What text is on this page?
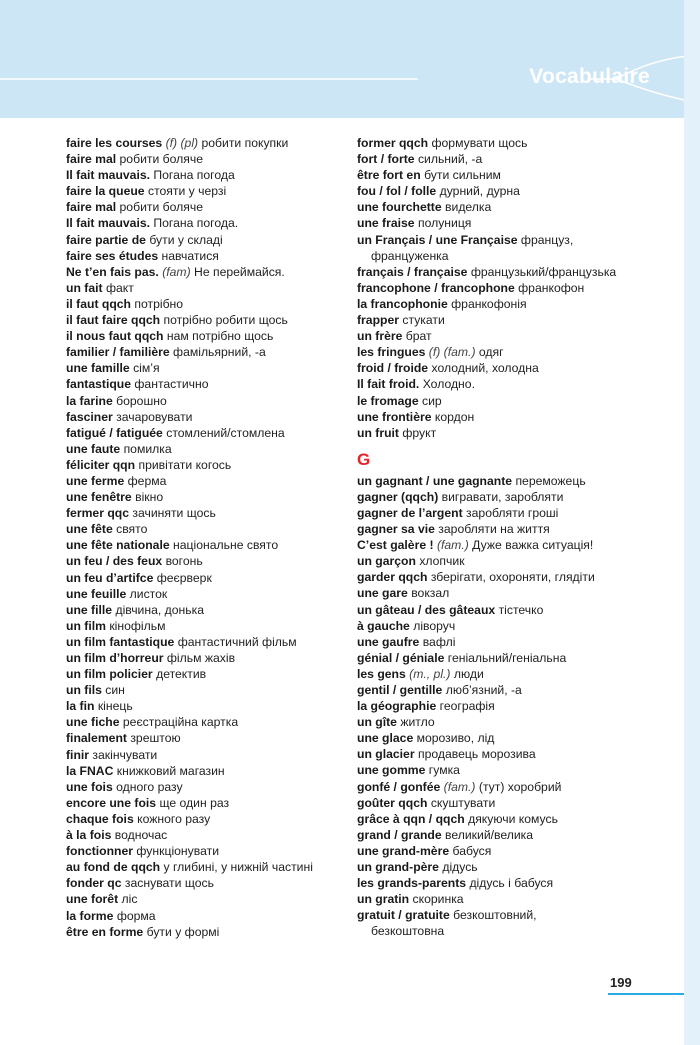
Vocabulaire
faire les courses (f) (pl) робити покупки
faire mal робити боляче
Il fait mauvais. Погана погода
faire la queue стояти у черзі
faire mal робити боляче
Il fait mauvais. Погана погода.
faire partie de бути у складі
faire ses études навчатися
Ne t’en fais pas. (fam) Не переймайся.
un fait факт
il faut qqch потрібно
il faut faire qqch потрібно робити щось
il nous faut qqch нам потрібно щось
familier / familière фамільярний, -а
une famille сім’я
fantastique фантастично
la farine борошно
fasciner зачаровувати
fatigué / fatiguée стомлений/стомлена
une faute помилка
féliciter qqn привітати когось
une ferme ферма
une fenêtre вікно
fermer qqc зачиняти щось
une fête свято
une fête nationale національне свято
un feu / des feux вогонь
un feu d’artifce феєрверк
une feuille листок
une fille дівчина, донька
un film кінофільм
un film fantastique фантастичний фільм
un film d’horreur фільм жахів
un film policier детектив
un fils син
la fin кінець
une fiche реєстраційна картка
finalement зрештою
finir закінчувати
la FNAC книжковий магазин
une fois одного разу
encore une fois ще один раз
chaque fois кожного разу
à la fois водночас
fonctionner функціонувати
au fond de qqch у глибині, у нижній частині
fonder qc заснувати щось
une forêt ліс
la forme форма
être en forme бути у формі
former qqch формувати щось
fort / forte сильний, -а
être fort en бути сильним
fou / fol / folle дурний, дурна
une fourchette виделка
une fraise полуниця
un Français / une Française француз,
француженка
français / française французький/французька
francophone / francophone франкофон
la francophonie франкофонія
frapper стукати
un frère брат
les fringues (f) (fam.) одяг
froid / froide холодний, холодна
Il fait froid. Холодно.
le fromage сир
une frontière кордон
un fruit фрукт
G
un gagnant / une gagnante переможець
gagner (qqch) вигравати, заробляти
gagner de l’argent заробляти гроші
gagner sa vie заробляти на життя
C’est galère ! (fam.) Дуже важка ситуація!
un garçon хлопчик
garder qqch зберігати, охороняти, глядіти
une gare вокзал
un gâteau / des gâteaux тістечко
à gauche ліворуч
une gaufre вафлі
génial / géniale геніальний/геніальна
les gens (m., pl.) люди
gentil / gentille люб’язний, -а
la géographie географія
un gîte житло
une glace морозиво, лід
un glacier продавець морозива
une gomme гумка
gonfé / gonfée (fam.) (тут) хоробрий
goûter qqch скуштувати
grâce à qqn / qqch дякуючи комусь
grand / grande великий/велика
une grand-mère бабуся
un grand-père дідусь
les grands-parents дідусь і бабуся
un gratin скоринка
gratuit / gratuite безкоштовний,
безкоштовна
199
